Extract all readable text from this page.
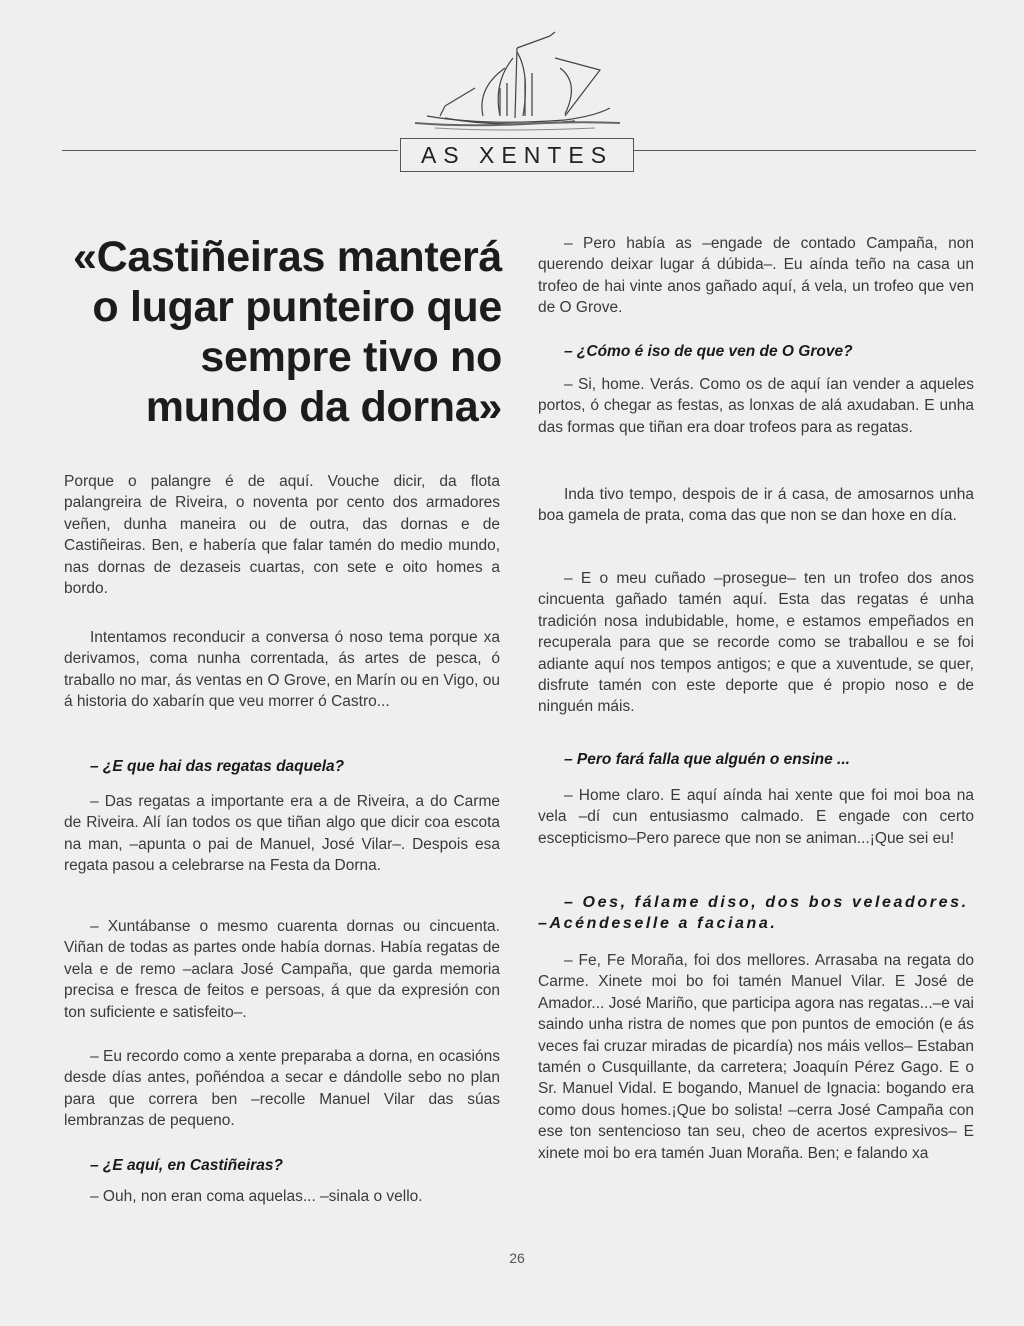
AS XENTES
«Castiñeiras manterá o lugar punteiro que sempre tivo no mundo da dorna»

Porque o palangre é de aquí. Vouche dicir, da flota palangreira de Riveira, o noventa por cento dos armadores veñen, dunha maneira ou de outra, das dornas e de Castiñeiras. Ben, e habería que falar tamén do medio mundo, nas dornas de dezaseis cuartas, con sete e oito homes a bordo.

Intentamos reconducir a conversa ó noso tema porque xa derivamos, coma nunha correntada, ás artes de pesca, ó traballo no mar, ás ventas en O Grove, en Marín ou en Vigo, ou á historia do xabarín que veu morrer ó Castro...

– ¿E que hai das regatas daquela?

– Das regatas a importante era a de Riveira, a do Carme de Riveira. Alí ían todos os que tiñan algo que dicir coa escota na man, –apunta o pai de Manuel, José Vilar–. Despois esa regata pasou a celebrarse na Festa da Dorna.

– Xuntábanse o mesmo cuarenta dornas ou cincuenta. Viñan de todas as partes onde había dornas. Había regatas de vela e de remo –aclara José Campaña, que garda memoria precisa e fresca de feitos e persoas, á que da expresión con ton suficiente e satisfeito–.

– Eu recordo como a xente preparaba a dorna, en ocasións desde días antes, poñéndoa a secar e dándolle sebo no plan para que correra ben –recolle Manuel Vilar das súas lembranzas de pequeno.

– ¿E aquí, en Castiñeiras?

– Ouh, non eran coma aquelas... –sinala o vello.

– Pero había as –engade de contado Campaña, non querendo deixar lugar á dúbida–. Eu aínda teño na casa un trofeo de hai vinte anos gañado aquí, á vela, un trofeo que ven de O Grove.

– ¿Cómo é iso de que ven de O Grove?

– Si, home. Verás. Como os de aquí ían vender a aqueles portos, ó chegar as festas, as lonxas de alá axudaban. E unha das formas que tiñan era doar trofeos para as regatas.

Inda tivo tempo, despois de ir á casa, de amosarnos unha boa gamela de prata, coma das que non se dan hoxe en día.

– E o meu cuñado –prosegue– ten un trofeo dos anos cincuenta gañado tamén aquí. Esta das regatas é unha tradición nosa indubidable, home, e estamos empeñados en recuperala para que se recorde como se traballou e se foi adiante aquí nos tempos antigos; e que a xuventude, se quer, disfrute tamén con este deporte que é propio noso e de ninguén máis.

– Pero fará falla que alguén o ensine ...

– Home claro. E aquí aínda hai xente que foi moi boa na vela –dí cun entusiasmo calmado. E engade con certo escepticismo–Pero parece que non se animan...¡Que sei eu!

– Oes, fálame diso, dos bos veleadores. –Acéndeselle a faciana.

– Fe, Fe Moraña, foi dos mellores. Arrasaba na regata do Carme. Xinete moi bo foi tamén Manuel Vilar. E José de Amador... José Mariño, que participa agora nas regatas...–e vai saindo unha ristra de nomes que pon puntos de emoción (e ás veces fai cruzar miradas de picardía) nos máis vellos– Estaban tamén o Cusquillante, da carretera; Joaquín Pérez Gago. E o Sr. Manuel Vidal. E bogando, Manuel de Ignacia: bogando era como dous homes.¡Que bo solista! –cerra José Campaña con ese ton sentencioso tan seu, cheo de acertos expresivos– E xinete moi bo era tamén Juan Moraña. Ben; e falando xa

26
